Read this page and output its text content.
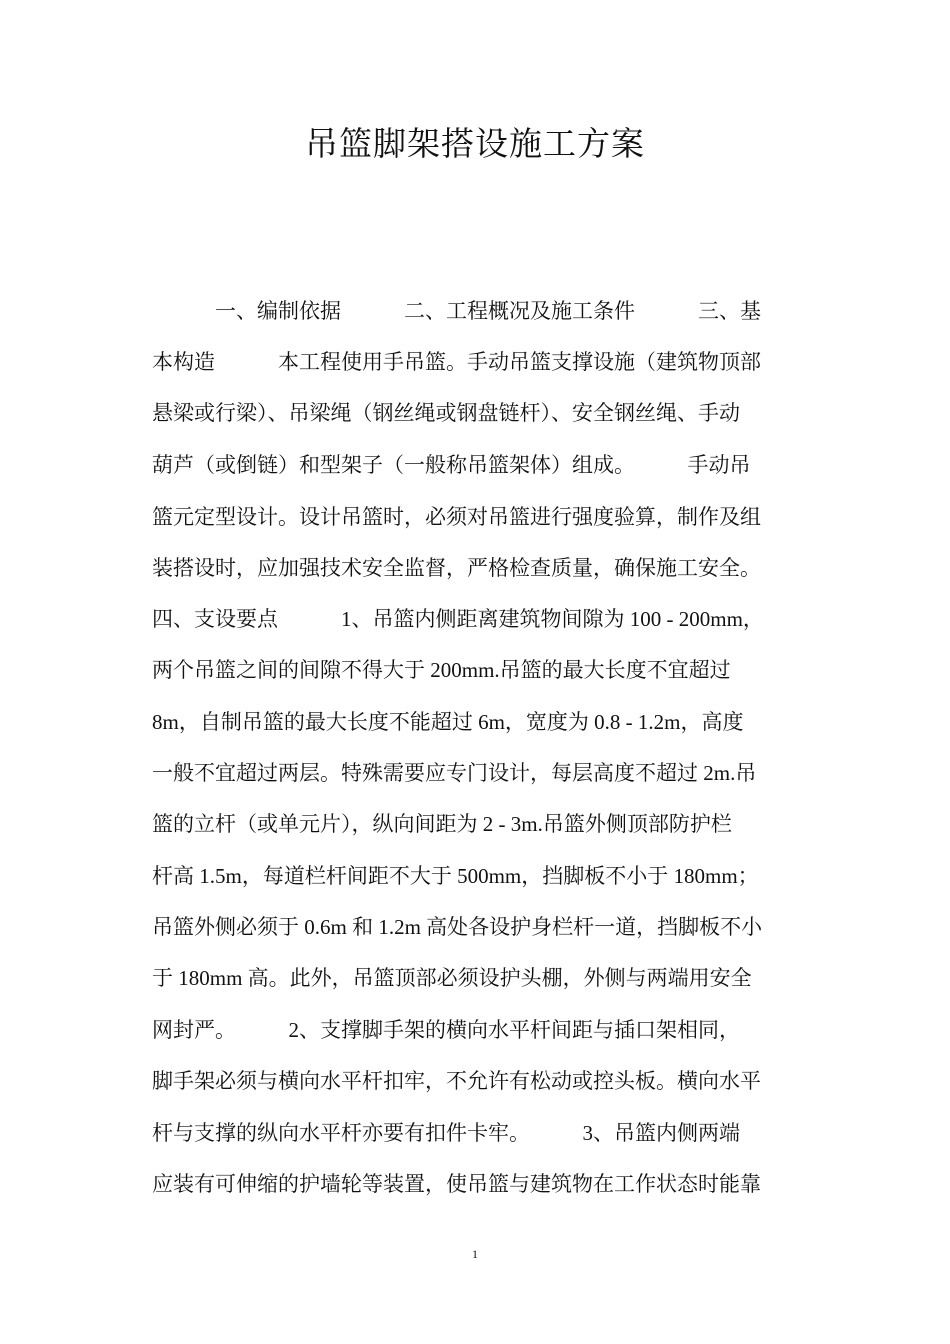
吊篮脚架搭设施工方案
　　　一、编制依据　　　二、工程概况及施工条件　　　三、基
本构造　　　本工程使用手吊篮。手动吊篮支撑设施（建筑物顶部
悬梁或行梁）、吊梁绳（钢丝绳或钢盘链杆）、安全钢丝绳、手动
葫芦（或倒链）和型架子（一般称吊篮架体）组成。　　　手动吊
篮元定型设计。设计吊篮时，必须对吊篮进行强度验算，制作及组
装搭设时，应加强技术安全监督，严格检查质量，确保施工安全。
四、支设要点　　　1、吊篮内侧距离建筑物间隙为 100 - 200mm，
两个吊篮之间的间隙不得大于 200mm.吊篮的最大长度不宜超过
8m，自制吊篮的最大长度不能超过 6m，宽度为 0.8 - 1.2m，高度
一般不宜超过两层。特殊需要应专门设计，每层高度不超过 2m.吊
篮的立杆（或单元片），纵向间距为 2 - 3m.吊篮外侧顶部防护栏
杆高 1.5m，每道栏杆间距不大于 500mm，挡脚板不小于 180mm；
吊篮外侧必须于 0.6m 和 1.2m 高处各设护身栏杆一道，挡脚板不小
于 180mm 高。此外，吊篮顶部必须设护头棚，外侧与两端用安全
网封严。　　　2、支撑脚手架的横向水平杆间距与插口架相同，
脚手架必须与横向水平杆扣牢，不允许有松动或控头板。横向水平
杆与支撑的纵向水平杆亦要有扣件卡牢。　　　3、吊篮内侧两端
应装有可伸缩的护墙轮等装置，使吊篮与建筑物在工作状态时能靠
1
